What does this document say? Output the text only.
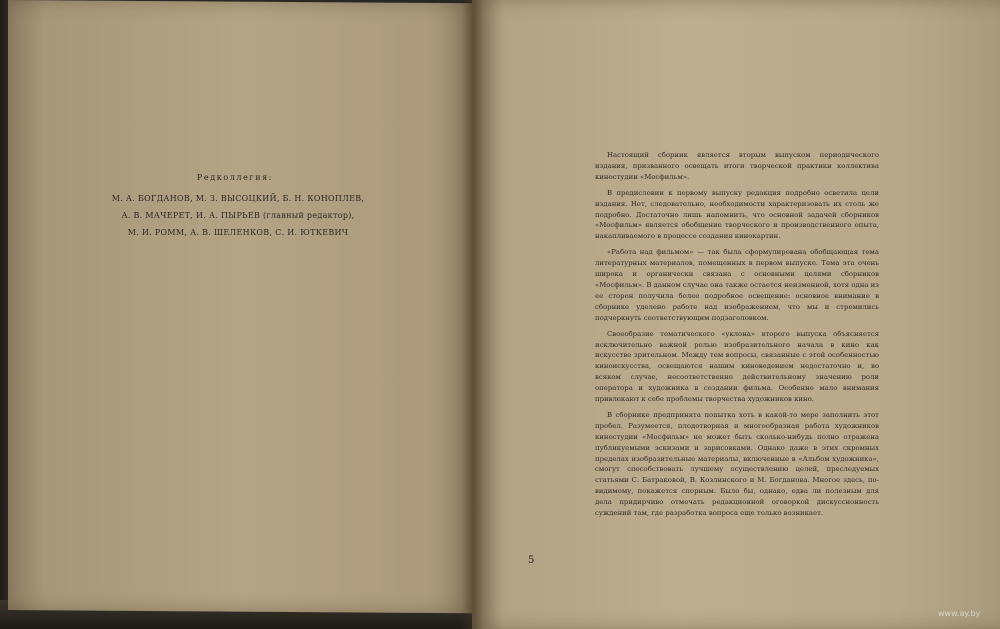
Редколлегия:
М. А. БОГДАНОВ, М. З. ВЫСОЦКИЙ, Б. Н. КОНОПЛЕВ,
А. В. МАЧЕРЕТ, И. А. ПЫРЬЕВ (главный редактор),
М. И. РОММ, А. В. ШЕЛЕНКОВ, С. И. ЮТКЕВИЧ

Настоящий сборник является вторым выпуском периодического издания, призванного освещать итоги творческой практики коллектива киностудии «Мосфильм».

В предисловии к первому выпуску редакция подробно осветила цели издания. Нет, следовательно, необходимости характеризовать их столь же подробно. Достаточно лишь напомнить, что основной задачей сборников «Мосфильм» является обобщение творческого и производственного опыта, накапливаемого в процессе создания кинокартин.

«Работа над фильмом» — так была сформулирована обобщающая тема литературных материалов, помещенных в первом выпуске. Тема эта очень широка и органически связана с основными целями сборников «Мосфильм». В данном случае она также остается неизменной, хотя одна из ее сторон получила более подробное освещение: основное внимание в сборнике уделено работе над изображением, что мы и стремились подчеркнуть соответствующим подзаголовком.

Своеобразие тематического «уклона» второго выпуска объясняется исключительно важной ролью изобразительного начала в кино как искусстве зрительном. Между тем вопросы, связанные с этой особенностью киноискусства, освещаются нашим киноведением недостаточно и, во всяком случае, несоответственно действительному значению роли оператора и художника в создании фильма. Особенно мало внимания привлекают к себе проблемы творчества художников кино.

В сборнике предпринята попытка хоть в какой-то мере заполнить этот пробел. Разумеется, плодотворная и многообразная работа художников киностудии «Мосфильм» не может быть сколько-нибудь полно отражена публикуемыми эскизами и зарисовками. Однако даже в этих скромных пределах изобразительные материалы, включенные в «Альбом художника», смогут способствовать лучшему осуществлению целей, преследуемых статьями С. Батраковой, В. Козлинского и М. Богданова. Многое здесь, по-видимому, покажется спорным. Было бы, однако, едва ли полезным для дела придирчиво отмечать редакционной оговоркой дискуссионность суждений там, где разработка вопроса еще только возникает.

5
www.ay.by
